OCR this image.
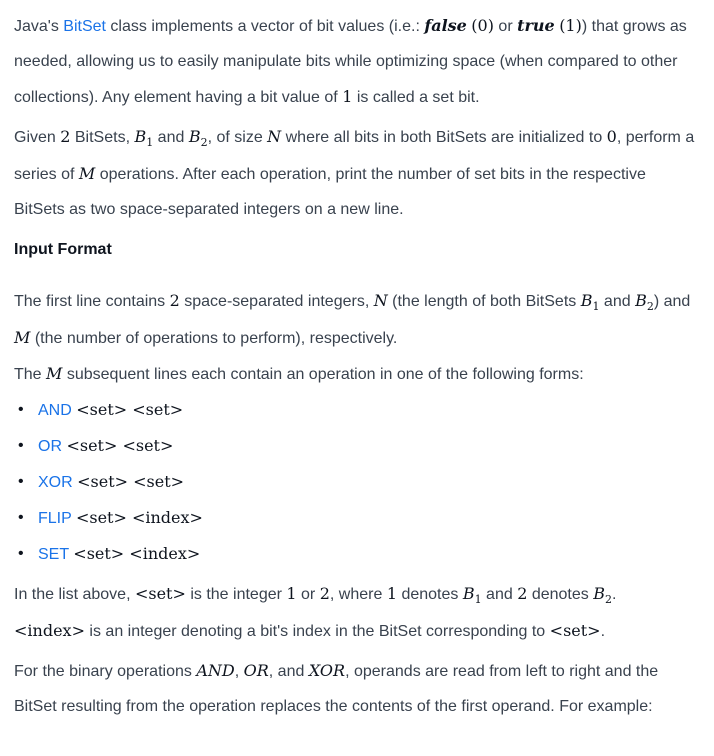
Java's BitSet class implements a vector of bit values (i.e.: false (0) or true (1)) that grows as needed, allowing us to easily manipulate bits while optimizing space (when compared to other collections). Any element having a bit value of 1 is called a set bit.

Given 2 BitSets, $B_1$ and $B_2$, of size N where all bits in both BitSets are initialized to 0, perform a series of M operations. After each operation, print the number of set bits in the respective BitSets as two space-separated integers on a new line.

Input Format

The first line contains 2 space-separated integers, N (the length of both BitSets $B_1$ and $B_2$) and M (the number of operations to perform), respectively.

The M subsequent lines each contain an operation in one of the following forms:

• AND <set> <set>
• OR <set> <set>
• XOR <set> <set>
• FLIP <set> <index>
• SET <set> <index>

In the list above, <set> is the integer 1 or 2, where 1 denotes $B_1$ and 2 denotes $B_2$.
<index> is an integer denoting a bit's index in the BitSet corresponding to <set>.

For the binary operations AND, OR, and XOR, operands are read from left to right and the BitSet resulting from the operation replaces the contents of the first operand. For example:
